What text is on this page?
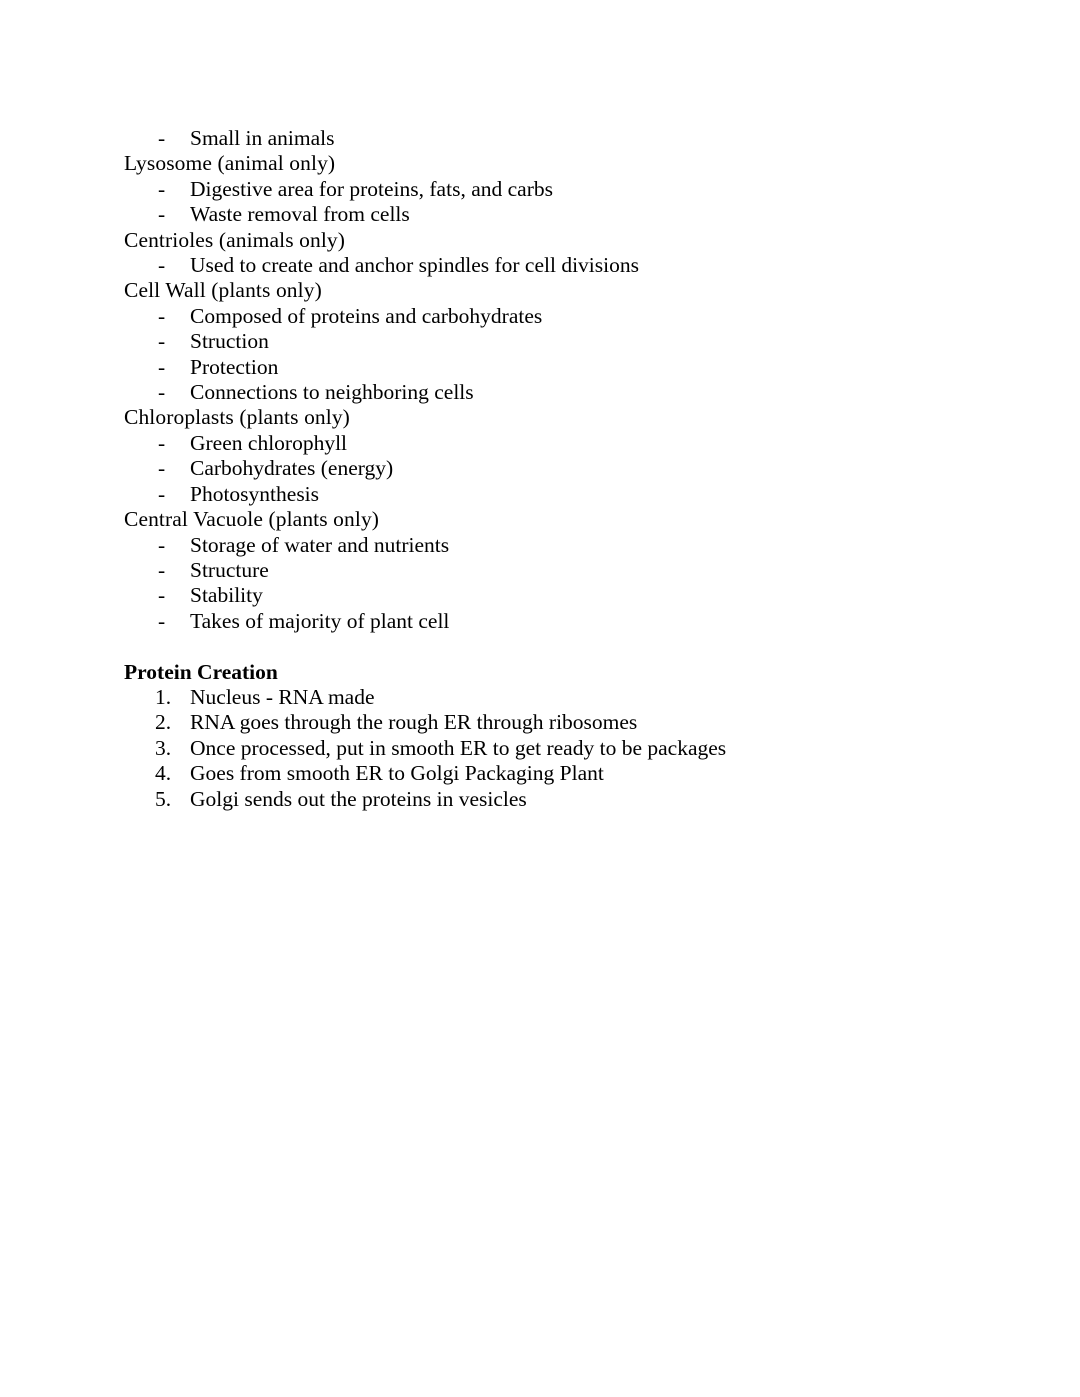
-	Small in animals
Lysosome (animal only)
-	Digestive area for proteins, fats, and carbs
-	Waste removal from cells
Centrioles (animals only)
-	Used to create and anchor spindles for cell divisions
Cell Wall (plants only)
-	Composed of proteins and carbohydrates
-	Struction
-	Protection
-	Connections to neighboring cells
Chloroplasts (plants only)
-	Green chlorophyll
-	Carbohydrates (energy)
-	Photosynthesis
Central Vacuole (plants only)
-	Storage of water and nutrients
-	Structure
-	Stability
-	Takes of majority of plant cell
Protein Creation
1. Nucleus - RNA made
2. RNA goes through the rough ER through ribosomes
3. Once processed, put in smooth ER to get ready to be packages
4. Goes from smooth ER to Golgi Packaging Plant
5. Golgi sends out the proteins in vesicles
